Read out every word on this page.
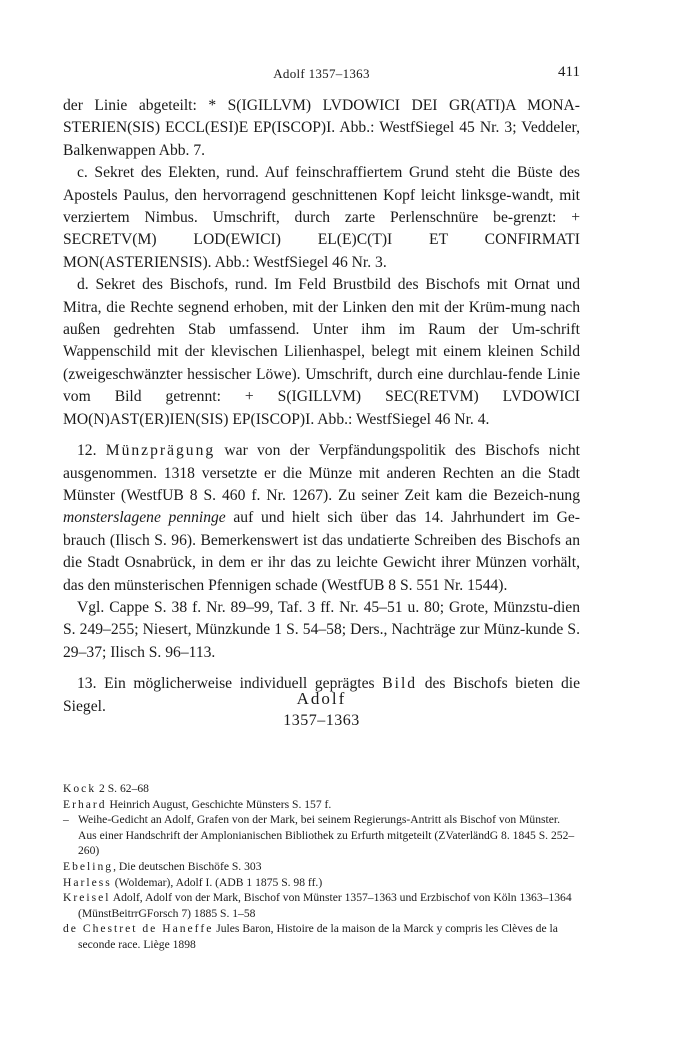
Adolf 1357–1363	411

der Linie abgeteilt: * S(IGILLVM) LVDOWICI DEI GR(ATI)A MONA-STERIEN(SIS) ECCL(ESI)E EP(ISCOP)I. Abb.: WestfSiegel 45 Nr. 3; Veddeler, Balkenwappen Abb. 7.

c. Sekret des Elekten, rund. Auf feinschraffiertem Grund steht die Büste des Apostels Paulus, den hervorragend geschnittenen Kopf leicht linksge-wandt, mit verziertem Nimbus. Umschrift, durch zarte Perlenschnüre be-grenzt: + SECRETV(M) LOD(EWICI) EL(E)C(T)I ET CONFIRMATI MON(ASTERIENSIS). Abb.: WestfSiegel 46 Nr. 3.

d. Sekret des Bischofs, rund. Im Feld Brustbild des Bischofs mit Ornat und Mitra, die Rechte segnend erhoben, mit der Linken den mit der Krüm-mung nach außen gedrehten Stab umfassend. Unter ihm im Raum der Um-schrift Wappenschild mit der klevischen Lilienhaspel, belegt mit einem kleinen Schild (zweigeschwänzter hessischer Löwe). Umschrift, durch eine durchlau-fende Linie vom Bild getrennt: + S(IGILLVM) SEC(RETVM) LVDOWICI MO(N)AST(ER)IEN(SIS) EP(ISCOP)I. Abb.: WestfSiegel 46 Nr. 4.

12. Münzprägung war von der Verpfändungspolitik des Bischofs nicht ausgenommen. 1318 versetzte er die Münze mit anderen Rechten an die Stadt Münster (WestfUB 8 S. 460 f. Nr. 1267). Zu seiner Zeit kam die Bezeich-nung monsterslagene penninge auf und hielt sich über das 14. Jahrhundert im Ge-brauch (Ilisch S. 96). Bemerkenswert ist das undatierte Schreiben des Bischofs an die Stadt Osnabrück, in dem er ihr das zu leichte Gewicht ihrer Münzen vorhält, das den münsterischen Pfennigen schade (WestfUB 8 S. 551 Nr. 1544).

Vgl. Cappe S. 38 f. Nr. 89–99, Taf. 3 ff. Nr. 45–51 u. 80; Grote, Münzstu-dien S. 249–255; Niesert, Münzkunde 1 S. 54–58; Ders., Nachträge zur Münz-kunde S. 29–37; Ilisch S. 96–113.

13. Ein möglicherweise individuell geprägtes Bild des Bischofs bieten die Siegel.	Adolf
1357–1363
Kock 2 S. 62–68
Erhard Heinrich August, Geschichte Münsters S. 157 f.
– Weihe-Gedicht an Adolf, Grafen von der Mark, bei seinem Regierungs-Antritt als Bischof von Münster. Aus einer Handschrift der Amplonianischen Bibliothek zu Erfurth mitgeteilt (ZVaterländG 8. 1845 S. 252–260)
Ebeling, Die deutschen Bischöfe S. 303
Harless (Woldemar), Adolf I. (ADB 1 1875 S. 98 ff.)
Kreisel Adolf, Adolf von der Mark, Bischof von Münster 1357–1363 und Erzbischof von Köln 1363–1364 (MünstBeitrrGForsch 7) 1885 S. 1–58
de Chestret de Haneffe Jules Baron, Histoire de la maison de la Marck y compris les Clèves de la seconde race. Liège 1898
